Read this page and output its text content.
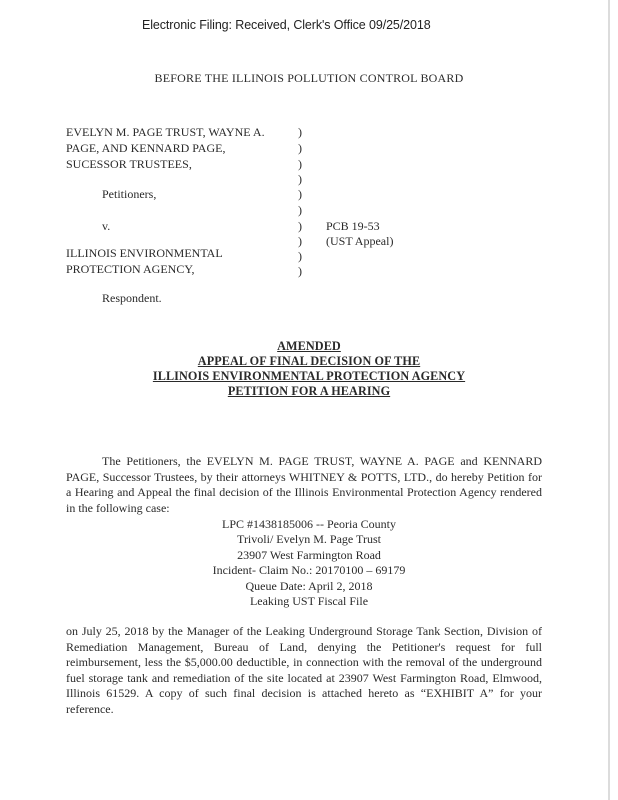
Electronic Filing: Received, Clerk's Office 09/25/2018
BEFORE THE ILLINOIS POLLUTION CONTROL BOARD
EVELYN M. PAGE TRUST, WAYNE A.
PAGE, AND KENNARD PAGE,
SUCESSOR TRUSTEES,
Petitioners,
v.
ILLINOIS ENVIRONMENTAL
PROTECTION AGENCY,
Respondent.
)
)
)
)
)
)
)
)
)
)
PCB 19-53
(UST Appeal)
AMENDED
APPEAL OF FINAL DECISION OF THE
ILLINOIS ENVIRONMENTAL PROTECTION AGENCY
PETITION FOR A HEARING
The Petitioners, the EVELYN M. PAGE TRUST, WAYNE A. PAGE and KENNARD PAGE, Successor Trustees, by their attorneys WHITNEY & POTTS, LTD., do hereby Petition for a Hearing and Appeal the final decision of the Illinois Environmental Protection Agency rendered in the following case:
LPC #1438185006 -- Peoria County
Trivoli/ Evelyn M. Page Trust
23907 West Farmington Road
Incident- Claim No.: 20170100 – 69179
Queue Date: April 2, 2018
Leaking UST Fiscal File
on July 25, 2018 by the Manager of the Leaking Underground Storage Tank Section, Division of Remediation Management, Bureau of Land, denying the Petitioner's request for full reimbursement, less the $5,000.00 deductible, in connection with the removal of the underground fuel storage tank and remediation of the site located at 23907 West Farmington Road, Elmwood, Illinois 61529. A copy of such final decision is attached hereto as “EXHIBIT A” for your reference.
